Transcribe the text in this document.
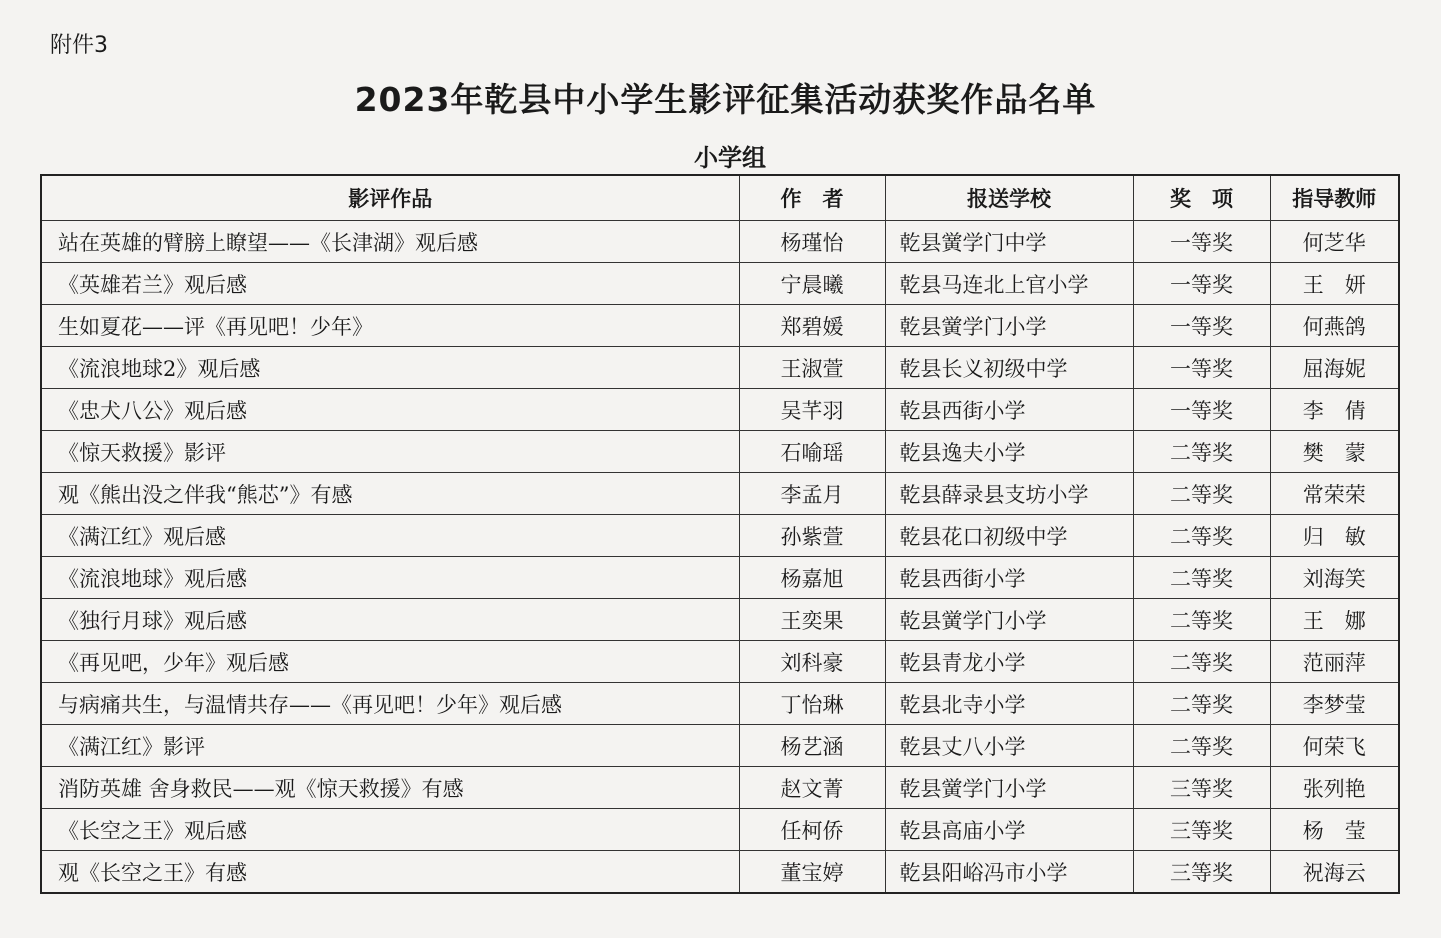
附件3
2023年乾县中小学生影评征集活动获奖作品名单
小学组
影评作品	作　者	报送学校	奖　项	指导教师
站在英雄的臂膀上瞭望——《长津湖》观后感	杨瑾怡	乾县黉学门中学	一等奖	何芝华
《英雄若兰》观后感	宁晨曦	乾县马连北上官小学	一等奖	王　妍
生如夏花——评《再见吧！少年》	郑碧媛	乾县黉学门小学	一等奖	何燕鸽
《流浪地球2》观后感	王淑萱	乾县长义初级中学	一等奖	屈海妮
《忠犬八公》观后感	吴芊羽	乾县西街小学	一等奖	李　倩
《惊天救援》影评	石喻瑶	乾县逸夫小学	二等奖	樊　蒙
观《熊出没之伴我“熊芯”》有感	李孟月	乾县薛录县支坊小学	二等奖	常荣荣
《满江红》观后感	孙紫萱	乾县花口初级中学	二等奖	归　敏
《流浪地球》观后感	杨嘉旭	乾县西街小学	二等奖	刘海笑
《独行月球》观后感	王奕果	乾县黉学门小学	二等奖	王　娜
《再见吧，少年》观后感	刘科豪	乾县青龙小学	二等奖	范丽萍
与病痛共生，与温情共存——《再见吧！少年》观后感	丁怡琳	乾县北寺小学	二等奖	李梦莹
《满江红》影评	杨艺涵	乾县丈八小学	二等奖	何荣飞
消防英雄 舍身救民——观《惊天救援》有感	赵文菁	乾县黉学门小学	三等奖	张列艳
《长空之王》观后感	任柯侨	乾县高庙小学	三等奖	杨　莹
观《长空之王》有感	董宝婷	乾县阳峪冯市小学	三等奖	祝海云
